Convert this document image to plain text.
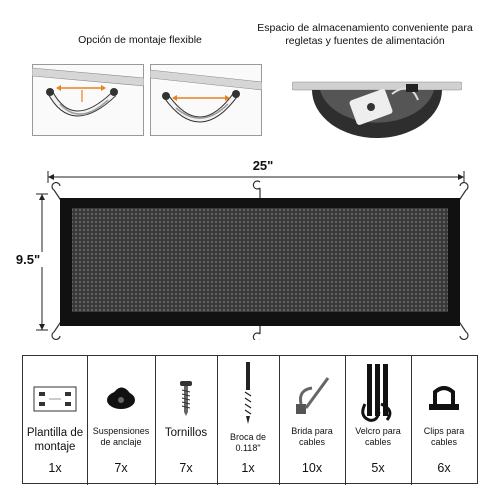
Opción de montaje flexible
Espacio de almacenamiento conveniente para
regletas y fuentes de alimentación
25"
9.5"
Plantilla de montaje
1x
Suspensiones de anclaje
7x
Tornillos
7x
Broca de
0.118"
1x
Brida para cables
10x
Velcro para cables
5x
Clips para cables
6x
